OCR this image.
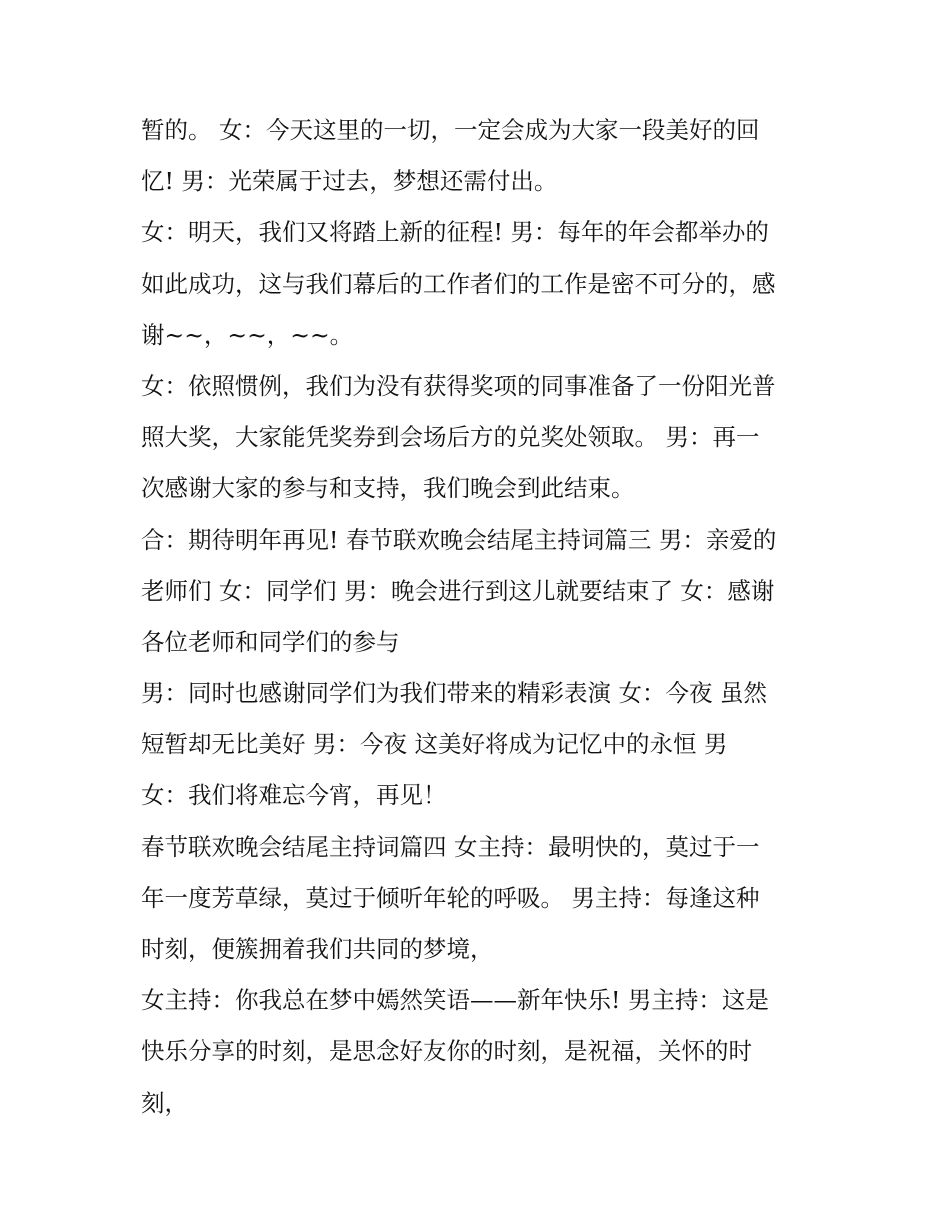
暂的。 女：今天这里的一切，一定会成为大家一段美好的回
忆! 男：光荣属于过去，梦想还需付出。
女：明天，我们又将踏上新的征程! 男：每年的年会都举办的
如此成功，这与我们幕后的工作者们的工作是密不可分的，感
谢~~，~~，~~。
女：依照惯例，我们为没有获得奖项的同事准备了一份阳光普
照大奖，大家能凭奖券到会场后方的兑奖处领取。 男：再一
次感谢大家的参与和支持，我们晚会到此结束。
合：期待明年再见! 春节联欢晚会结尾主持词篇三 男：亲爱的
老师们 女：同学们 男：晚会进行到这儿就要结束了 女：感谢
各位老师和同学们的参与
男：同时也感谢同学们为我们带来的精彩表演 女：今夜 虽然
短暂却无比美好 男：今夜 这美好将成为记忆中的永恒 男
女：我们将难忘今宵，再见！
春节联欢晚会结尾主持词篇四 女主持：最明快的，莫过于一
年一度芳草绿，莫过于倾听年轮的呼吸。 男主持：每逢这种
时刻，便簇拥着我们共同的梦境，
女主持：你我总在梦中嫣然笑语——新年快乐! 男主持：这是
快乐分享的时刻，是思念好友你的时刻，是祝福，关怀的时
刻，
